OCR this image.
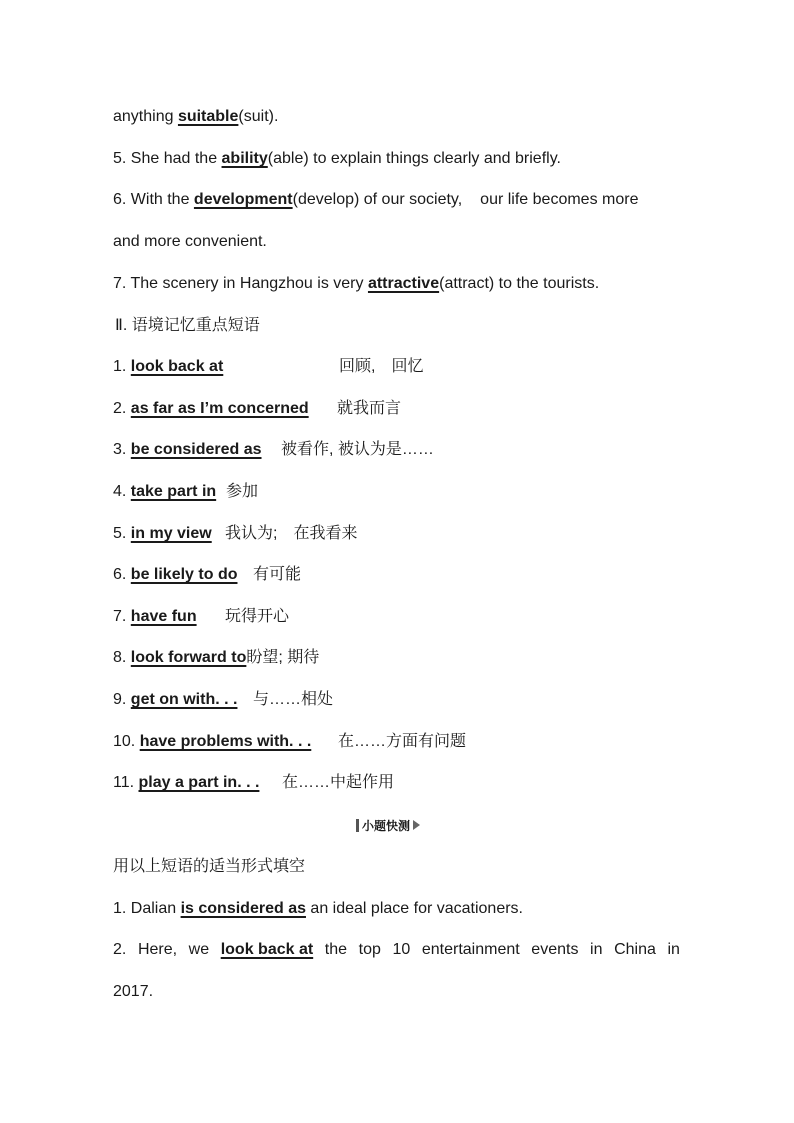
anything suitable(suit).
5. She had the ability(able) to explain things clearly and briefly.
6. With the development(develop) of our society, our life becomes more
and more convenient.
7. The scenery in Hangzhou is very attractive(attract) to the tourists.
Ⅱ. 语境记忆重点短语
1. look back at	回顾,　回忆
2. as far as I’m concerned 就我而言
3. be considered as 被看作, 被认为是……
4. take part in 参加
5. in my view 我认为;　在我看来
6. be likely to do 有可能
7. have fun 玩得开心
8. look forward to盼望; 期待
9. get on with. . . 与……相处
10. have problems with. . . 在……方面有问题
11. play a part in. . . 在……中起作用
小题快测
用以上短语的适当形式填空
1. Dalian is considered as an ideal place for vacationers.
2. Here, we look back at the top 10 entertainment events in China in
2017.
